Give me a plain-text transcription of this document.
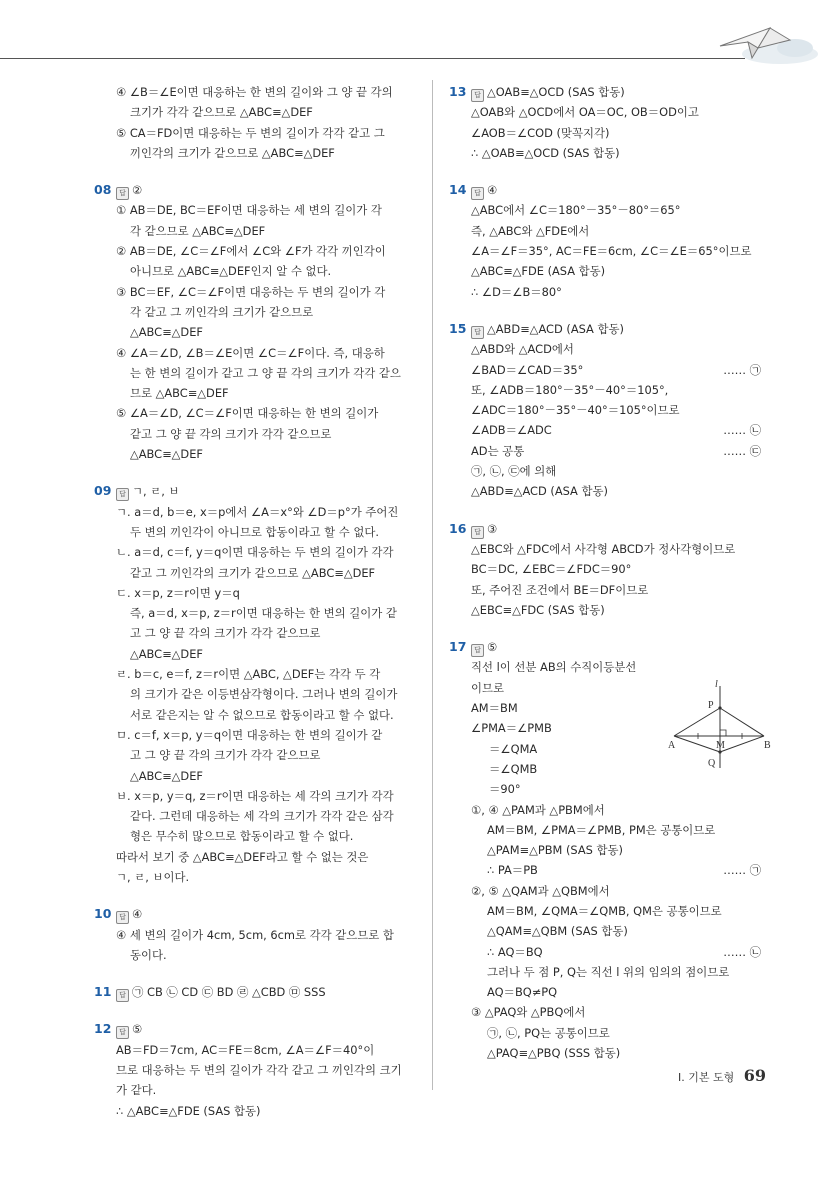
④ ∠B＝∠E이면 대응하는 한 변의 길이와 그 양 끝 각의
크기가 각각 같으므로 △ABC≡△DEF
⑤ CA＝FD이면 대응하는 두 변의 길이가 각각 같고 그
끼인각의 크기가 같으므로 △ABC≡△DEF
08 답 ②
① AB＝DE, BC＝EF이면 대응하는 세 변의 길이가 각
각 같으므로 △ABC≡△DEF
② AB＝DE, ∠C＝∠F에서 ∠C와 ∠F가 각각 끼인각이
아니므로 △ABC≡△DEF인지 알 수 없다.
③ BC＝EF, ∠C＝∠F이면 대응하는 두 변의 길이가 각
각 같고 그 끼인각의 크기가 같으므로
△ABC≡△DEF
④ ∠A＝∠D, ∠B＝∠E이면 ∠C＝∠F이다. 즉, 대응하
는 한 변의 길이가 같고 그 양 끝 각의 크기가 각각 같으
므로 △ABC≡△DEF
⑤ ∠A＝∠D, ∠C＝∠F이면 대응하는 한 변의 길이가
같고 그 양 끝 각의 크기가 각각 같으므로
△ABC≡△DEF
09 답 ㄱ, ㄹ, ㅂ
ㄱ. a＝d, b＝e, x＝p에서 ∠A＝x°와 ∠D＝p°가 주어진
두 변의 끼인각이 아니므로 합동이라고 할 수 없다.
ㄴ. a＝d, c＝f, y＝q이면 대응하는 두 변의 길이가 각각
같고 그 끼인각의 크기가 같으므로 △ABC≡△DEF
ㄷ. x＝p, z＝r이면 y＝q
즉, a＝d, x＝p, z＝r이면 대응하는 한 변의 길이가 같
고 그 양 끝 각의 크기가 각각 같으므로
△ABC≡△DEF
ㄹ. b＝c, e＝f, z＝r이면 △ABC, △DEF는 각각 두 각
의 크기가 같은 이등변삼각형이다. 그러나 변의 길이가
서로 같은지는 알 수 없으므로 합동이라고 할 수 없다.
ㅁ. c＝f, x＝p, y＝q이면 대응하는 한 변의 길이가 같
고 그 양 끝 각의 크기가 각각 같으므로
△ABC≡△DEF
ㅂ. x＝p, y＝q, z＝r이면 대응하는 세 각의 크기가 각각
같다. 그런데 대응하는 세 각의 크기가 각각 같은 삼각
형은 무수히 많으므로 합동이라고 할 수 없다.
따라서 보기 중 △ABC≡△DEF라고 할 수 없는 것은
ㄱ, ㄹ, ㅂ이다.
10 답 ④
④ 세 변의 길이가 4cm, 5cm, 6cm로 각각 같으므로 합
동이다.
11 답 ㉠ CB ㉡ CD ㉢ BD ㉣ △CBD ㉤ SSS
12 답 ⑤
AB＝FD＝7cm, AC＝FE＝8cm, ∠A＝∠F＝40°이
므로 대응하는 두 변의 길이가 각각 같고 그 끼인각의 크기
가 같다.
∴ △ABC≡△FDE (SAS 합동)
13 답 △OAB≡△OCD (SAS 합동)
△OAB와 △OCD에서 OA＝OC, OB＝OD이고
∠AOB＝∠COD (맞꼭지각)
∴ △OAB≡△OCD (SAS 합동)
14 답 ④
△ABC에서 ∠C＝180°－35°－80°＝65°
즉, △ABC와 △FDE에서
∠A＝∠F＝35°, AC＝FE＝6cm, ∠C＝∠E＝65°이므로
△ABC≡△FDE (ASA 합동)
∴ ∠D＝∠B＝80°
15 답 △ABD≡△ACD (ASA 합동)
△ABD와 △ACD에서
∠BAD＝∠CAD＝35°	…… ㉠
또, ∠ADB＝180°－35°－40°＝105°,
∠ADC＝180°－35°－40°＝105°이므로
∠ADB＝∠ADC	…… ㉡
AD는 공통	…… ㉢
㉠, ㉡, ㉢에 의해
△ABD≡△ACD (ASA 합동)
16 답 ③
△EBC와 △FDC에서 사각형 ABCD가 정사각형이므로
BC＝DC, ∠EBC＝∠FDC＝90°
또, 주어진 조건에서 BE＝DF이므로
△EBC≡△FDC (SAS 합동)
17 답 ⑤
직선 l이 선분 AB의 수직이등분선
이므로
AM＝BM
∠PMA＝∠PMB
＝∠QMA
＝∠QMB
＝90°
①, ④ △PAM과 △PBM에서
AM＝BM, ∠PMA＝∠PMB, PM은 공통이므로
△PAM≡△PBM (SAS 합동)
∴ PA＝PB	…… ㉠
②, ⑤ △QAM과 △QBM에서
AM＝BM, ∠QMA＝∠QMB, QM은 공통이므로
△QAM≡△QBM (SAS 합동)
∴ AQ＝BQ	…… ㉡
그러나 두 점 P, Q는 직선 l 위의 임의의 점이므로
AQ＝BQ≠PQ
③ △PAQ와 △PBQ에서
㉠, ㉡, PQ는 공통이므로
△PAQ≡△PBQ (SSS 합동)
l
P
A	M	B
Q
Ⅰ. 기본 도형 69
